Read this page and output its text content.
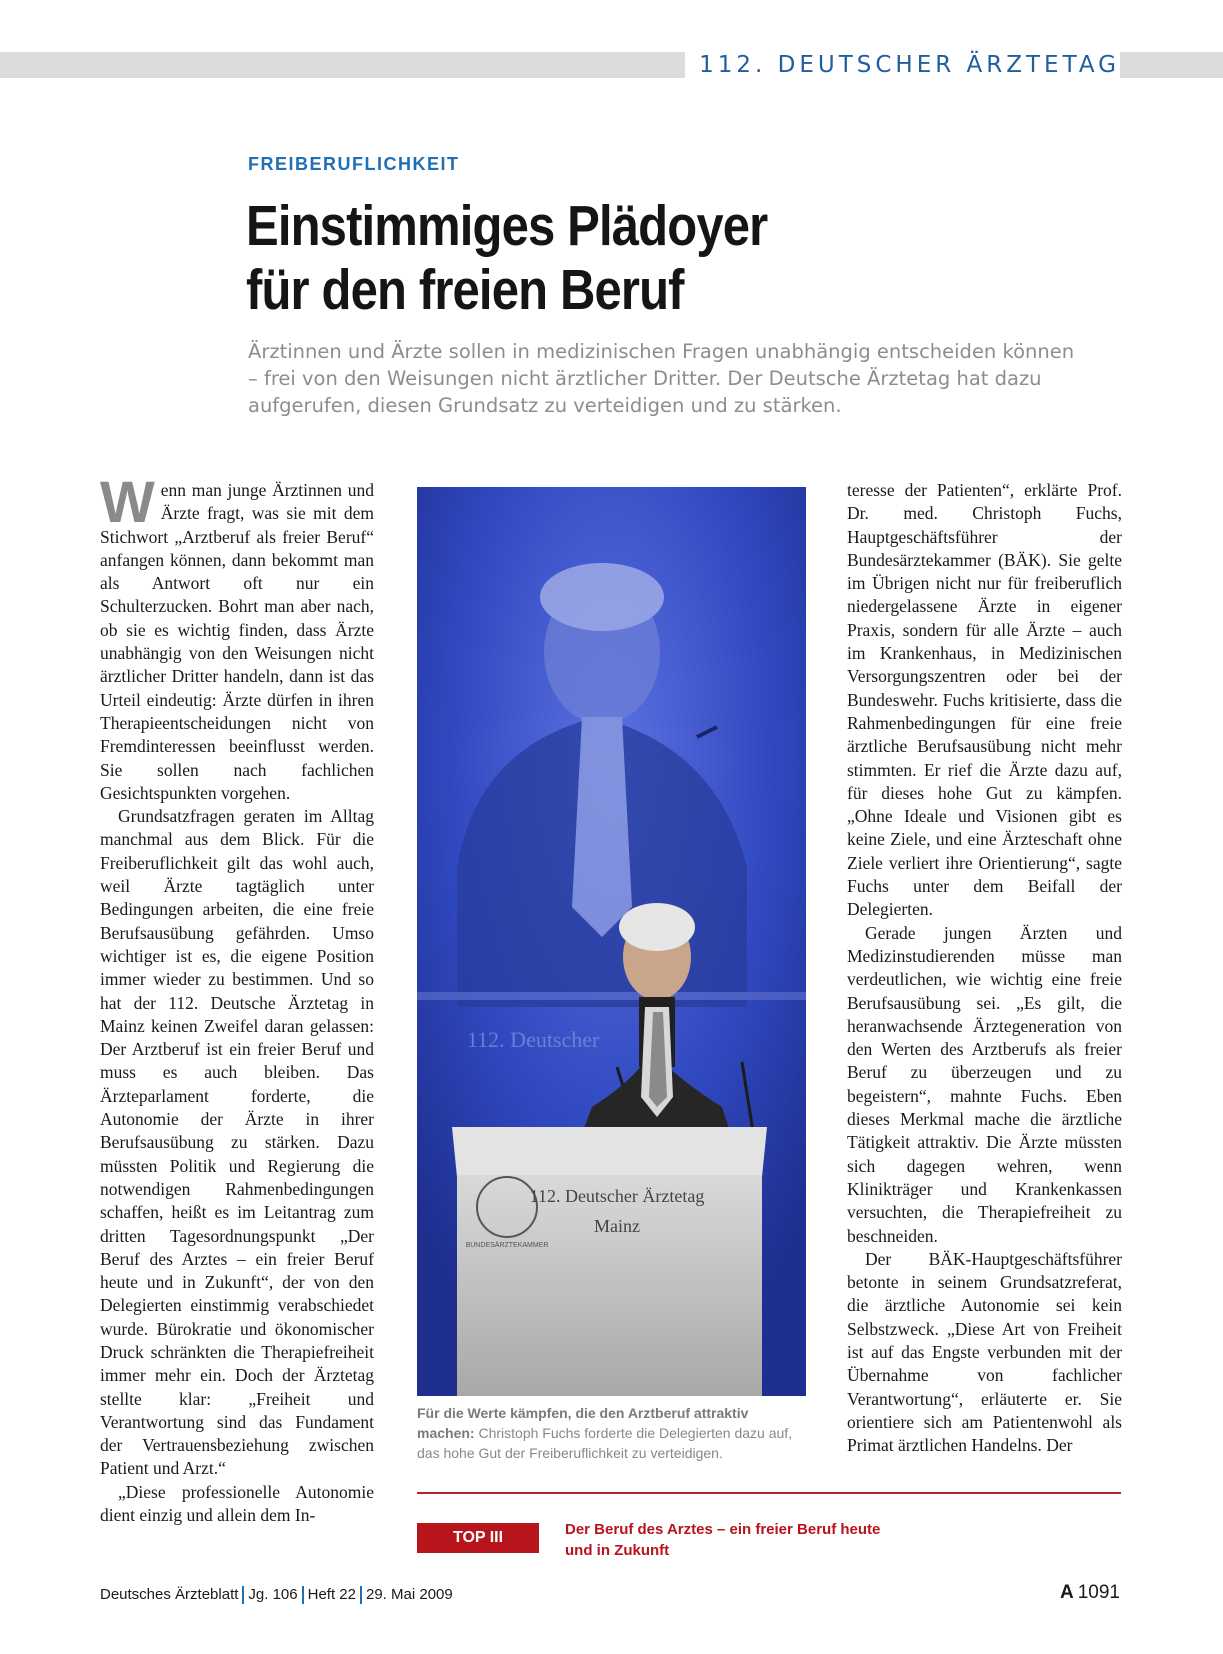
112. DEUTSCHER ÄRZTETAG
FREIBERUFLICHKEIT
Einstimmiges Plädoyer
für den freien Beruf

Ärztinnen und Ärzte sollen in medizinischen Fragen unabhängig entscheiden können – frei von den Weisungen nicht ärztlicher Dritter. Der Deutsche Ärztetag hat dazu aufgerufen, diesen Grundsatz zu verteidigen und zu stärken.

Wenn man junge Ärztinnen und Ärzte fragt, was sie mit dem Stichwort „Arztberuf als freier Beruf“ anfangen können, dann bekommt man als Antwort oft nur ein Schulterzucken. Bohrt man aber nach, ob sie es wichtig finden, dass Ärzte unabhängig von den Weisungen nicht ärztlicher Dritter handeln, dann ist das Urteil eindeutig: Ärzte dürfen in ihren Therapieentscheidungen nicht von Fremdinteressen beeinflusst werden. Sie sollen nach fachlichen Gesichtspunkten vorgehen.

Grundsatzfragen geraten im Alltag manchmal aus dem Blick. Für die Freiberuflichkeit gilt das wohl auch, weil Ärzte tagtäglich unter Bedingungen arbeiten, die eine freie Berufsausübung gefährden. Umso wichtiger ist es, die eigene Position immer wieder zu bestimmen. Und so hat der 112. Deutsche Ärztetag in Mainz keinen Zweifel daran gelassen: Der Arztberuf ist ein freier Beruf und muss es auch bleiben. Das Ärzteparlament forderte, die Autonomie der Ärzte in ihrer Berufsausübung zu stärken. Dazu müssten Politik und Regierung die notwendigen Rahmenbedingungen schaffen, heißt es im Leitantrag zum dritten Tagesordnungspunkt „Der Beruf des Arztes – ein freier Beruf heute und in Zukunft“, der von den Delegierten einstimmig verabschiedet wurde. Bürokratie und ökonomischer Druck schränkten die Therapiefreiheit immer mehr ein. Doch der Ärztetag stellte klar: „Freiheit und Verantwortung sind das Fundament der Vertrauensbeziehung zwischen Patient und Arzt.“

„Diese professionelle Autonomie dient einzig und allein dem In-

112. Deutscher
BUNDESÄRZTEKAMMER
112. Deutscher Ärztetag
Mainz

Für die Werte kämpfen, die den Arztberuf attraktiv machen: Christoph Fuchs forderte die Delegierten dazu auf, das hohe Gut der Freiberuflichkeit zu verteidigen.

teresse der Patienten“, erklärte Prof. Dr. med. Christoph Fuchs, Hauptgeschäftsführer der Bundesärztekammer (BÄK). Sie gelte im Übrigen nicht nur für freiberuflich niedergelassene Ärzte in eigener Praxis, sondern für alle Ärzte – auch im Krankenhaus, in Medizinischen Versorgungszentren oder bei der Bundeswehr. Fuchs kritisierte, dass die Rahmenbedingungen für eine freie ärztliche Berufsausübung nicht mehr stimmten. Er rief die Ärzte dazu auf, für dieses hohe Gut zu kämpfen. „Ohne Ideale und Visionen gibt es keine Ziele, und eine Ärzteschaft ohne Ziele verliert ihre Orientierung“, sagte Fuchs unter dem Beifall der Delegierten.

Gerade jungen Ärzten und Medizinstudierenden müsse man verdeutlichen, wie wichtig eine freie Berufsausübung sei. „Es gilt, die heranwachsende Ärztegeneration von den Werten des Arztberufs als freier Beruf zu überzeugen und zu begeistern“, mahnte Fuchs. Eben dieses Merkmal mache die ärztliche Tätigkeit attraktiv. Die Ärzte müssten sich dagegen wehren, wenn Klinikträger und Krankenkassen versuchten, die Therapiefreiheit zu beschneiden.

Der BÄK-Hauptgeschäftsführer betonte in seinem Grundsatzreferat, die ärztliche Autonomie sei kein Selbstzweck. „Diese Art von Freiheit ist auf das Engste verbunden mit der Übernahme von fachlicher Verantwortung“, erläuterte er. Sie orientiere sich am Patientenwohl als Primat ärztlichen Handelns. Der

TOP III	Der Beruf des Arztes – ein freier Beruf heute und in Zukunft
Deutsches Ärzteblatt Jg. 106 Heft 22 29. Mai 2009	A 1091
